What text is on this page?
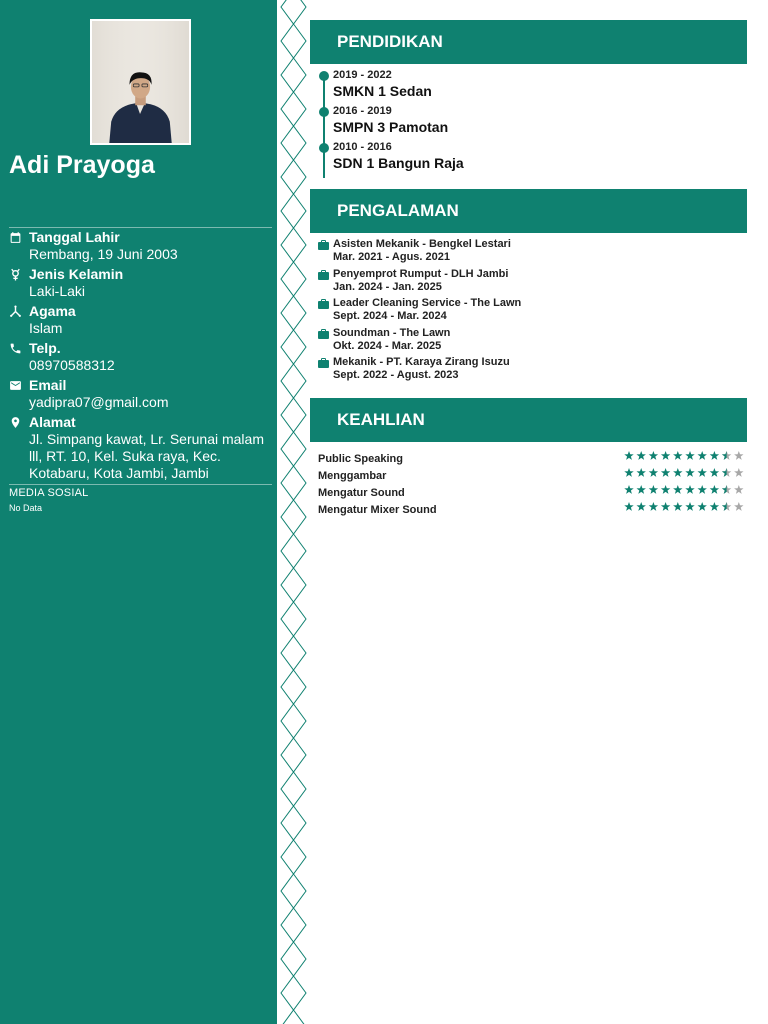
Adi Prayoga
Tanggal Lahir
Rembang, 19 Juni 2003
Jenis Kelamin
Laki-Laki
Agama
Islam
Telp.
08970588312
Email
yadipra07@gmail.com
Alamat
Jl. Simpang kawat, Lr. Serunai malam lll, RT. 10, Kel. Suka raya, Kec. Kotabaru, Kota Jambi, Jambi
MEDIA SOSIAL
No Data
PENDIDIKAN
2019 - 2022
SMKN 1 Sedan
2016 - 2019
SMPN 3 Pamotan
2010 - 2016
SDN 1 Bangun Raja
PENGALAMAN
Asisten Mekanik - Bengkel Lestari
Mar. 2021 - Agus. 2021
Penyemprot Rumput - DLH Jambi
Jan. 2024 - Jan. 2025
Leader Cleaning Service - The Lawn
Sept. 2024 - Mar. 2024
Soundman - The Lawn
Okt. 2024 - Mar. 2025
Mekanik - PT. Karaya Zirang Isuzu
Sept. 2022 - Agust. 2023
KEAHLIAN
Public Speaking
Menggambar
Mengatur Sound
Mengatur Mixer Sound
